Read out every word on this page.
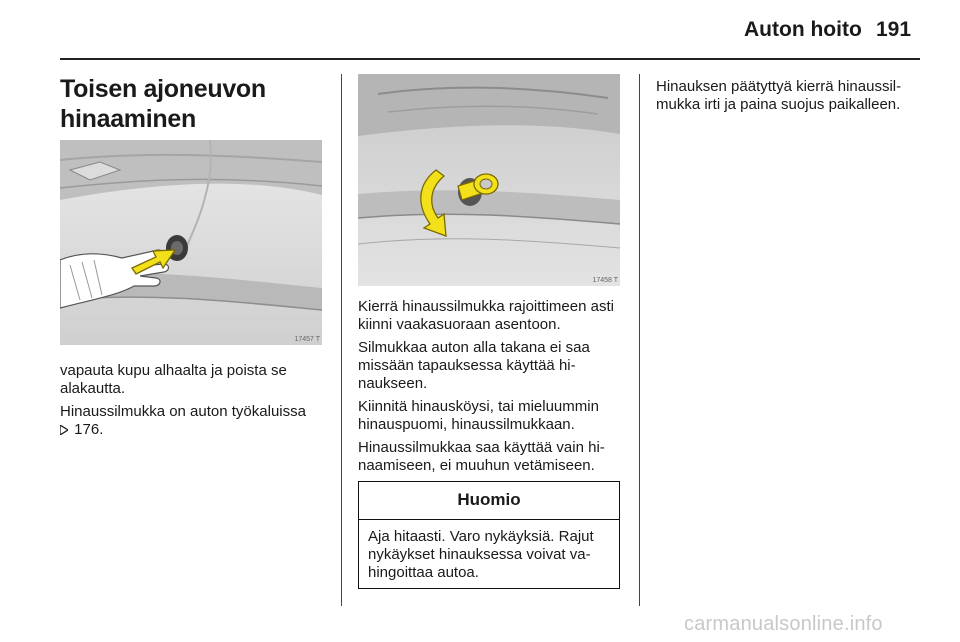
Auton hoito 191
Toisen ajoneuvon
hinaaminen
17457 T
17458 T

vapauta kupu alhaalta ja poista se alakautta.

Hinaussilmukka on auton työkaluissa
176.

Kierrä hinaussilmukka rajoittimeen asti kiinni vaakasuoraan asentoon.

Silmukkaa auton alla takana ei saa missään tapauksessa käyttää hi-naukseen.

Kiinnitä hinausköysi, tai mieluummin hinauspuomi, hinaussilmukkaan.

Hinaussilmukkaa saa käyttää vain hi-naamiseen, ei muuhun vetämiseen.

Huomio
Aja hitaasti. Varo nykäyksiä. Rajut nykäykset hinauksessa voivat va-hingoittaa autoa.

Hinauksen päätyttyä kierrä hinaussil-mukka irti ja paina suojus paikalleen.

carmanualsonline.info
